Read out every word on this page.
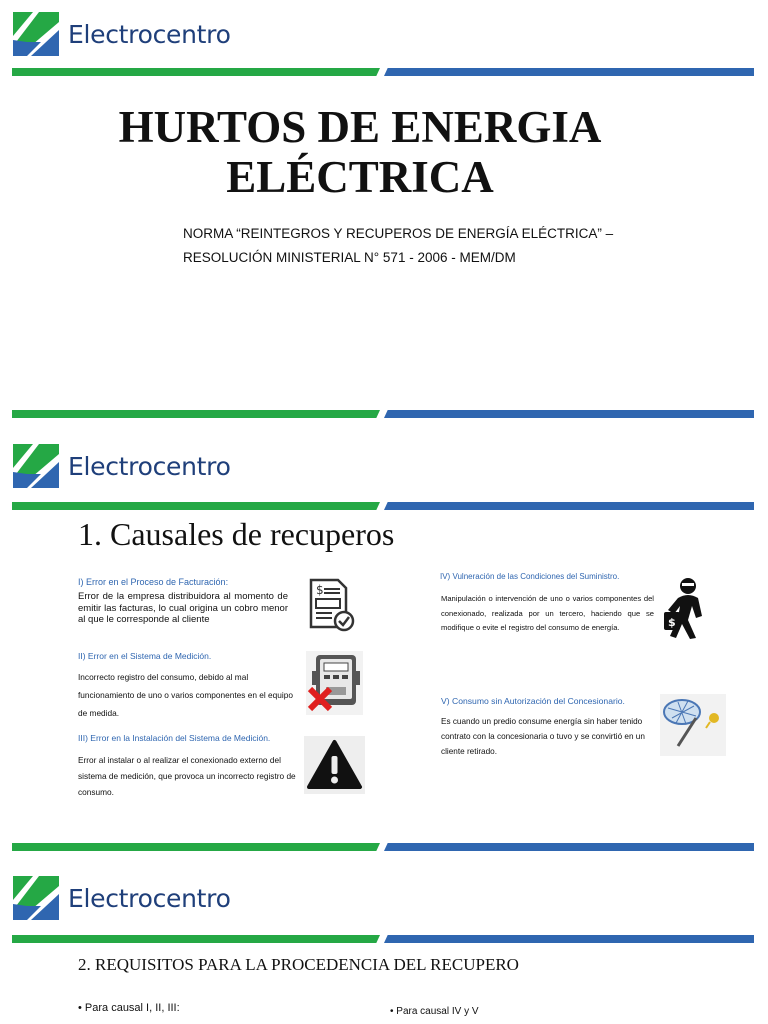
Electrocentro
HURTOS DE ENERGIA
ELÉCTRICA
NORMA “REINTEGROS Y RECUPEROS DE ENERGÍA ELÉCTRICA” –
RESOLUCIÓN MINISTERIAL N° 571 - 2006 - MEM/DM
Electrocentro
1. Causales de recuperos
I) Error en el Proceso de Facturación:
Error de la empresa distribuidora al momento de emitir las facturas, lo cual origina un cobro menor al que le corresponde al cliente
$
II) Error en el Sistema de Medición.
Incorrecto registro del consumo, debido al mal funcionamiento de uno o varios componentes en el equipo de medida.
III) Error en la Instalación del Sistema de Medición.
Error al instalar o al realizar el conexionado externo del sistema de medición, que provoca un incorrecto registro de consumo.
IV) Vulneración de las Condiciones del Suministro.
Manipulación o intervención de uno o varios componentes del conexionado, realizada por un tercero, haciendo que se modifique o evite el registro del consumo de energía.	$
V) Consumo sin Autorización del Concesionario.
Es cuando un predio consume energía sin haber tenido contrato con la concesionaria o tuvo y se convirtió en un cliente retirado.
Electrocentro
2. REQUISITOS PARA LA PROCEDENCIA DEL RECUPERO
• Para causal I, II, III:	• Para causal IV y V
